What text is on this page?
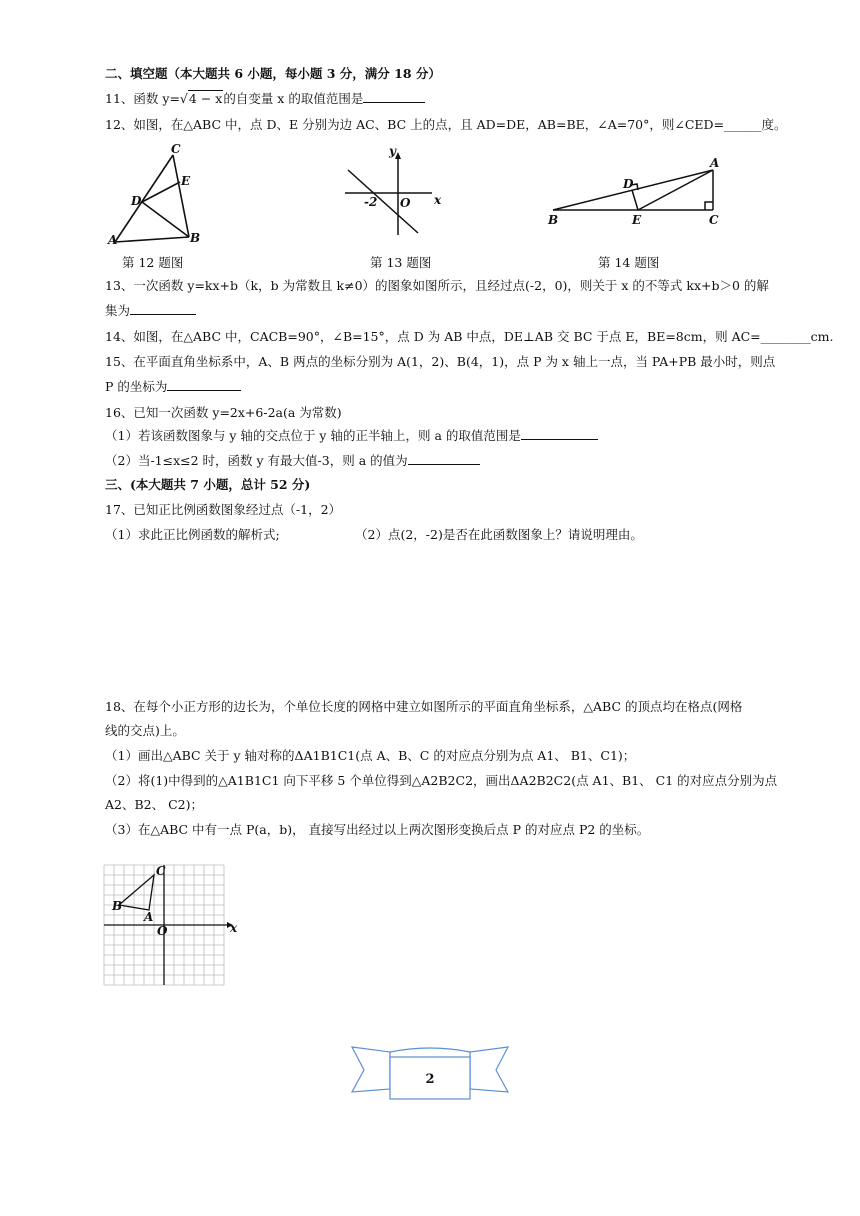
二、填空题（本大题共 6 小题，每小题 3 分，满分 18 分）
11、函数 y=√4 − x的自变量 x 的取值范围是
12、如图，在△ABC 中，点 D、E 分别为边 AC、BC 上的点，且 AD=DE，AB=BE，∠A=70°，则∠CED=______度。
C
E
D
A	B
第 12 题图
y
x
O
-2
第 13 题图
A
D
B	E	C
第 14 题图
13、一次函数 y=kx+b（k，b 为常数且 k≠0）的图象如图所示，且经过点(-2，0)，则关于 x 的不等式 kx+b＞0 的解
集为
14、如图，在△ABC 中，CACB=90°，∠B=15°，点 D 为 AB 中点，DE⊥AB 交 BC 于点 E，BE=8cm，则 AC=________cm.
15、在平面直角坐标系中，A、B 两点的坐标分别为 A(1，2)、B(4，1)，点 P 为 x 轴上一点，当 PA+PB 最小时，则点
P 的坐标为
16、已知一次函数 y=2x+6-2a(a 为常数)
（1）若该函数图象与 y 轴的交点位于 y 轴的正半轴上，则 a 的取值范围是
（2）当-1≤x≤2 时，函数 y 有最大值-3，则 a 的值为
三、(本大题共 7 小题，总计 52 分)
17、已知正比例函数图象经过点（-1，2）
（1）求此正比例函数的解析式;	（2）点(2，-2)是否在此函数图象上？请说明理由。
18、在每个小正方形的边长为，个单位长度的网格中建立如图所示的平面直角坐标系，△ABC 的顶点均在格点(网格
线的交点)上。
（1）画出△ABC 关于 y 轴对称的ΔA1B1C1(点 A、B、C 的对应点分别为点 A1、 B1、C1)；
（2）将(1)中得到的△A1B1C1 向下平移 5 个单位得到△A2B2C2，画出ΔA2B2C2(点 A1、B1、 C1 的对应点分别为点
A2、B2、 C2)；
（3）在△ABC 中有一点 P(a，b)， 直接写出经过以上两次图形变换后点 P 的对应点 P2 的坐标。
C
B
A
O	x
2
